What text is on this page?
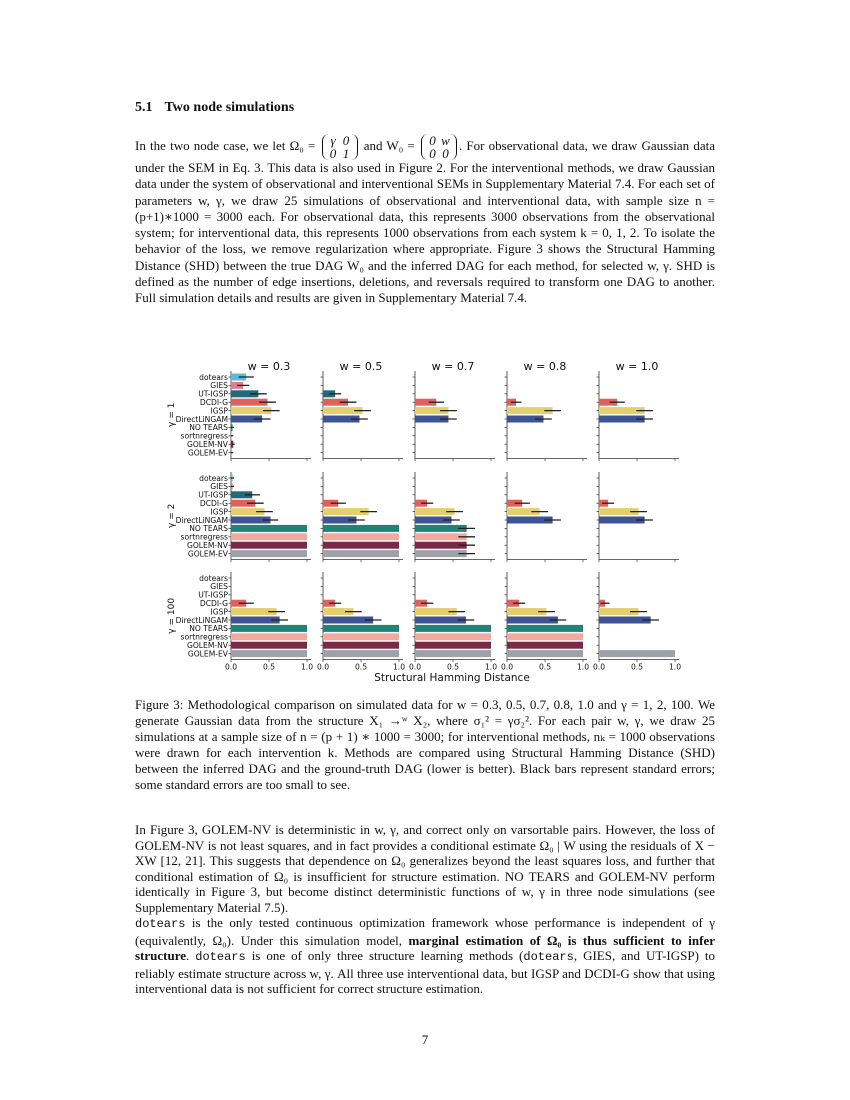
5.1 Two node simulations

In the two node case, we let Ω₀ = γ 0
0 1 and W₀ = 0 w
0 0. For observational data, we draw Gaussian data under the SEM in Eq. 3. This data is also used in Figure 2. For the interventional methods, we draw Gaussian data under the system of observational and interventional SEMs in Supplementary Material 7.4. For each set of parameters w, γ, we draw 25 simulations of observational and interventional data, with sample size n = (p+1)∗1000 = 3000 each. For observational data, this represents 3000 observations from the observational system; for interventional data, this represents 1000 observations from each system k = 0, 1, 2. To isolate the behavior of the loss, we remove regularization where appropriate. Figure 3 shows the Structural Hamming Distance (SHD) between the true DAG W₀ and the inferred DAG for each method, for selected w, γ. SHD is defined as the number of edge insertions, deletions, and reversals required to transform one DAG to another. Full simulation details and results are given in Supplementary Material 7.4.

w = 0.3	w = 0.5	w = 0.7	w = 0.8	w = 1.0
γ = 1
dotears
GIES
UT-IGSP
DCDI-G
IGSP
DirectLiNGAM
NO TEARS
sortnregress
GOLEM-NV
GOLEM-EV
γ = 2
dotears
GIES
UT-IGSP
DCDI-G
IGSP
DirectLiNGAM
NO TEARS
sortnregress
GOLEM-NV
GOLEM-EV
γ = 100
dotears
GIES
UT-IGSP
DCDI-G
IGSP
DirectLiNGAM
NO TEARS
sortnregress
GOLEM-NV
GOLEM-EV
0.0	0.5	1.0 0.0	0.5	1.0 0.0	0.5	1.0 0.0	0.5	1.0 0.0	0.5	1.0
Structural Hamming Distance

Figure 3: Methodological comparison on simulated data for w = 0.3, 0.5, 0.7, 0.8, 1.0 and γ = 1, 2, 100. We generate Gaussian data from the structure X₁ →ʷ X₂, where σ₁² = γσ₂². For each pair w, γ, we draw 25 simulations at a sample size of n = (p + 1) ∗ 1000 = 3000; for interventional methods, nₖ = 1000 observations were drawn for each intervention k. Methods are compared using Structural Hamming Distance (SHD) between the inferred DAG and the ground-truth DAG (lower is better). Black bars represent standard errors; some standard errors are too small to see.

In Figure 3, GOLEM-NV is deterministic in w, γ, and correct only on varsortable pairs. However, the loss of GOLEM-NV is not least squares, and in fact provides a conditional estimate Ω₀ | W using the residuals of X − XW [12, 21]. This suggests that dependence on Ω₀ generalizes beyond the least squares loss, and further that conditional estimation of Ω₀ is insufficient for structure estimation. NO TEARS and GOLEM-NV perform identically in Figure 3, but become distinct deterministic functions of w, γ in three node simulations (see Supplementary Material 7.5).

dotears is the only tested continuous optimization framework whose performance is independent of γ (equivalently, Ω₀). Under this simulation model, marginal estimation of Ω₀ is thus sufficient to infer structure. dotears is one of only three structure learning methods (dotears, GIES, and UT-IGSP) to reliably estimate structure across w, γ. All three use interventional data, but IGSP and DCDI-G show that using interventional data is not sufficient for correct structure estimation.

7
